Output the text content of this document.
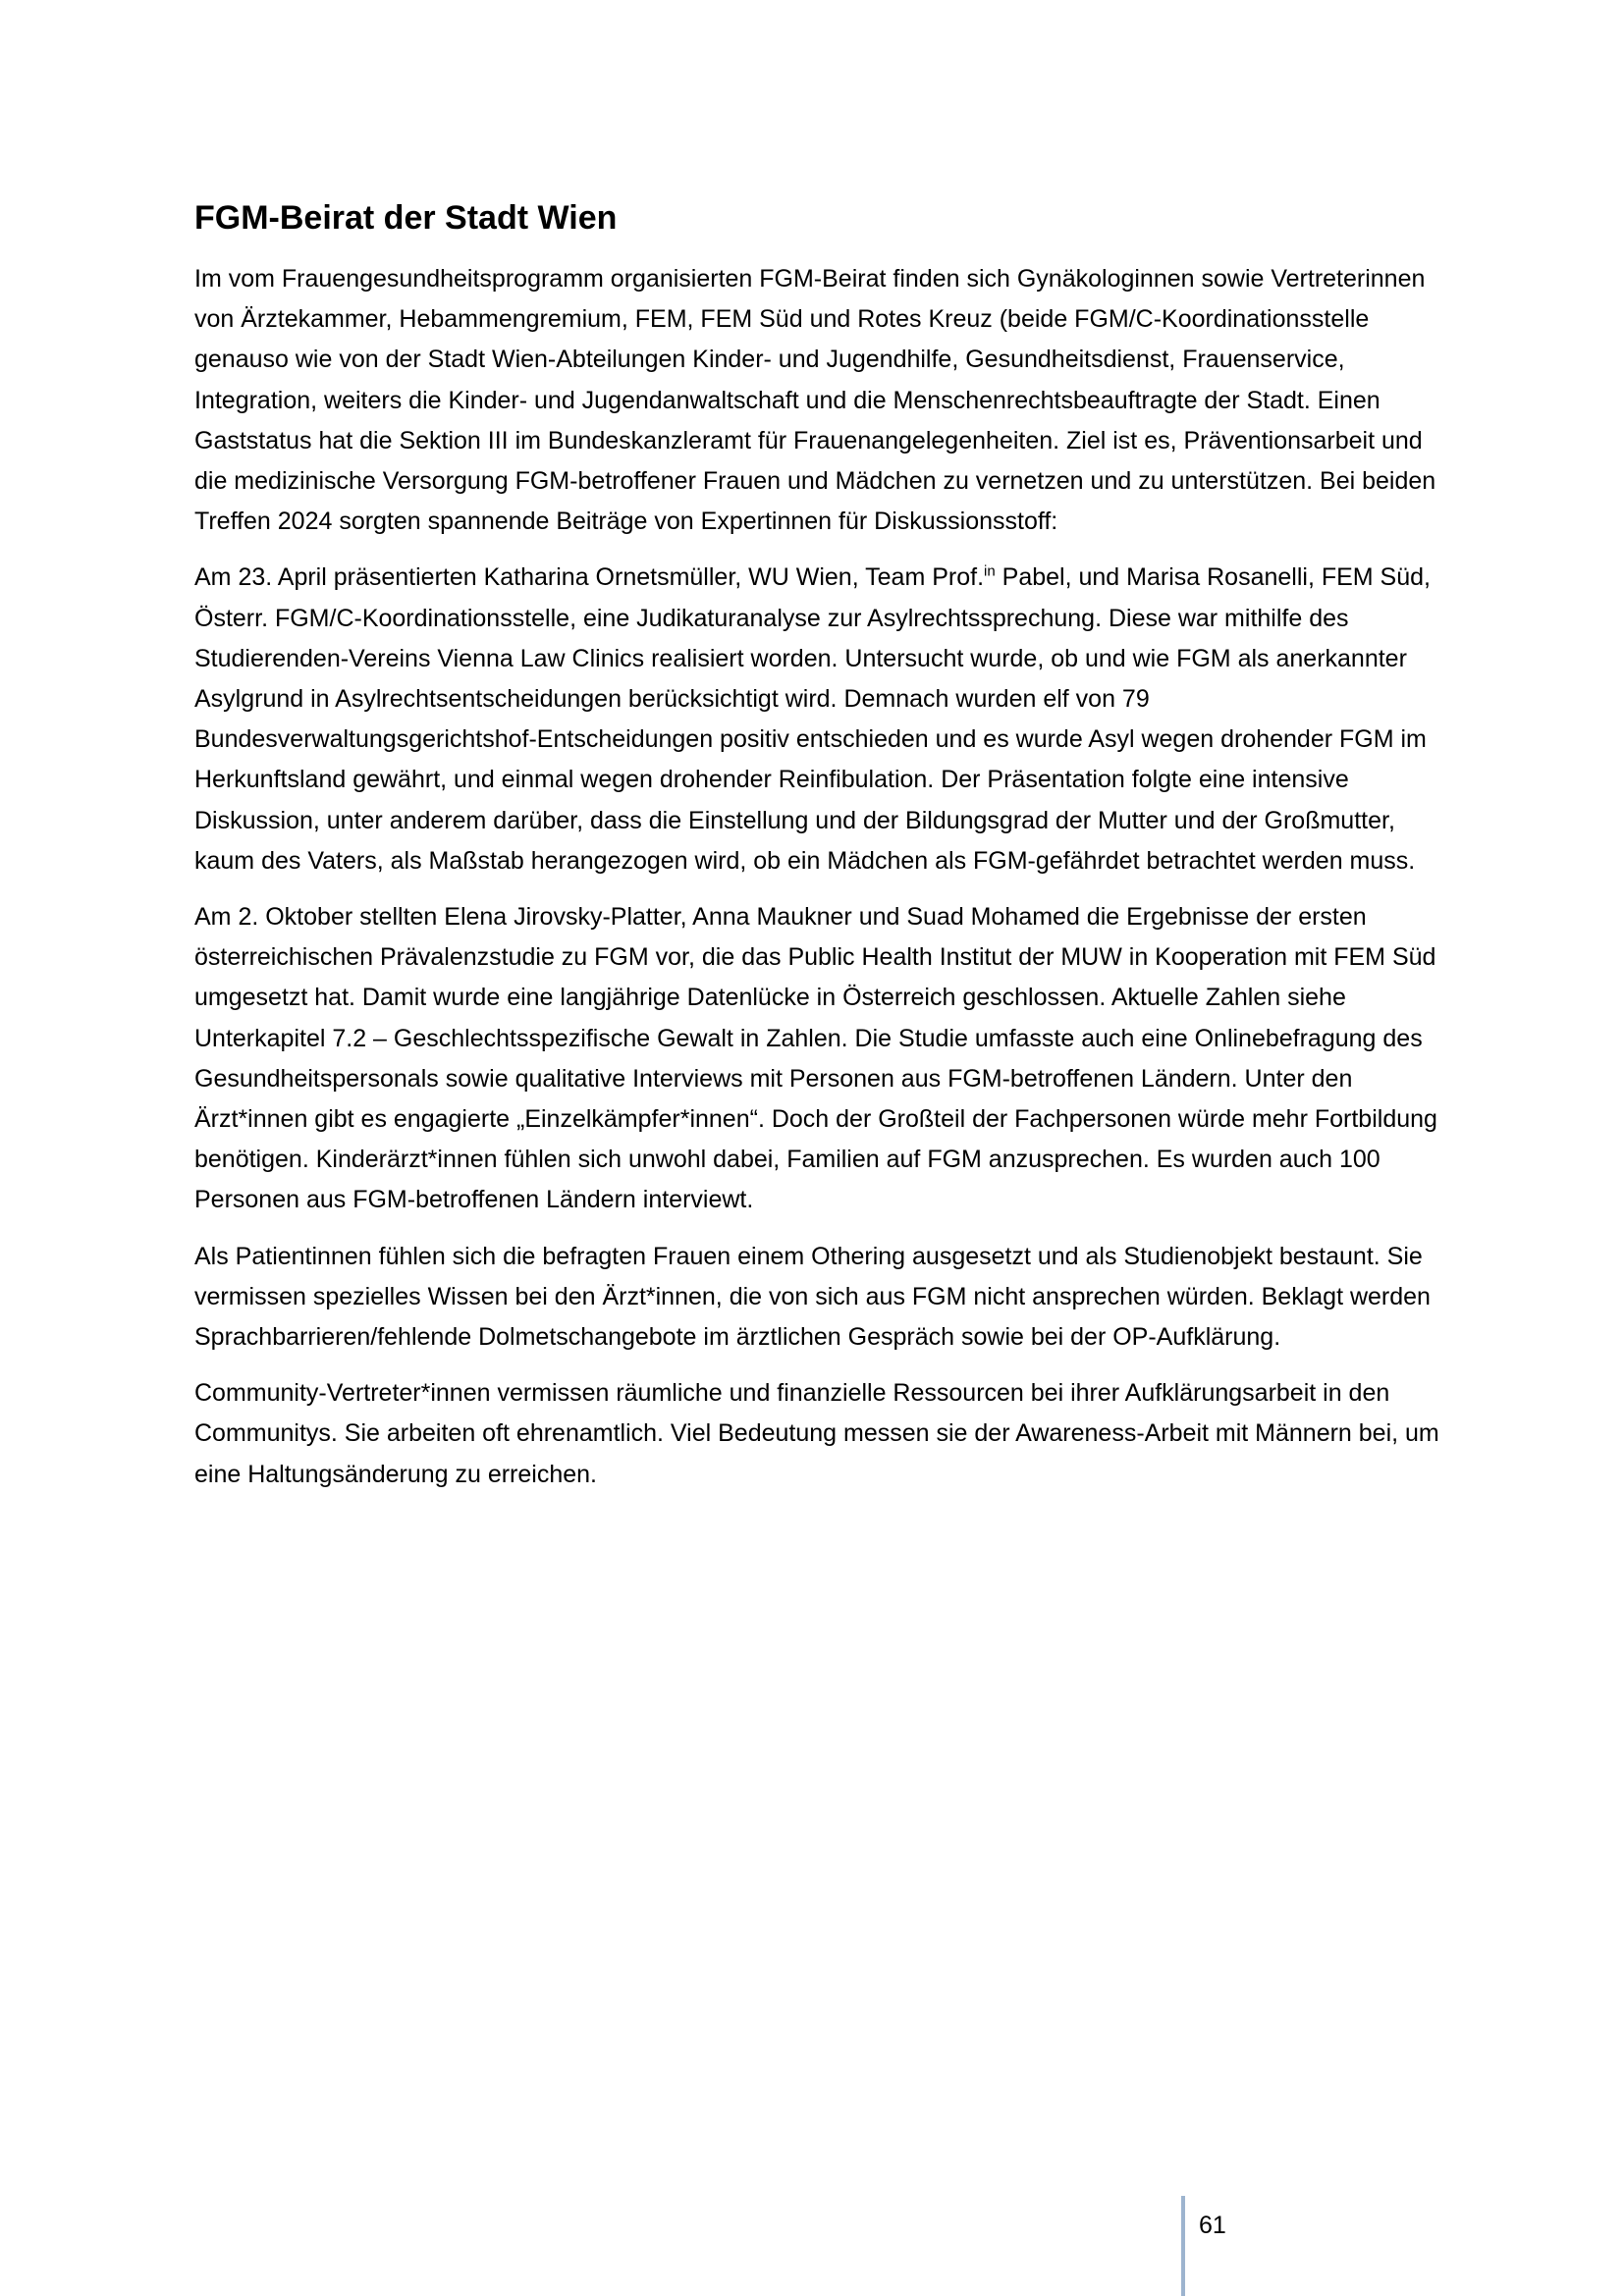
FGM-Beirat der Stadt Wien

Im vom Frauengesundheitsprogramm organisierten FGM-Beirat finden sich Gynäkologinnen sowie Vertreterinnen von Ärztekammer, Hebammengremium, FEM, FEM Süd und Rotes Kreuz (beide FGM/C-Koordinationsstelle genauso wie von der Stadt Wien-Abteilungen Kinder- und Jugendhilfe, Gesundheitsdienst, Frauenservice, Integration, weiters die Kinder- und Jugendanwaltschaft und die Menschenrechtsbeauftragte der Stadt. Einen Gaststatus hat die Sektion III im Bundeskanzleramt für Frauenangelegenheiten. Ziel ist es, Präventionsarbeit und die medizinische Versorgung FGM-betroffener Frauen und Mädchen zu vernetzen und zu unterstützen. Bei beiden Treffen 2024 sorgten spannende Beiträge von Expertinnen für Diskussionsstoff:

Am 23. April präsentierten Katharina Ornetsmüller, WU Wien, Team Prof.$^{in}$ Pabel, und Marisa Rosanelli, FEM Süd, Österr. FGM/C-Koordinationsstelle, eine Judikaturanalyse zur Asylrechtssprechung. Diese war mithilfe des Studierenden-Vereins Vienna Law Clinics realisiert worden. Untersucht wurde, ob und wie FGM als anerkannter Asylgrund in Asylrechtsentscheidungen berücksichtigt wird. Demnach wurden elf von 79 Bundesverwaltungsgerichtshof-Entscheidungen positiv entschieden und es wurde Asyl wegen drohender FGM im Herkunftsland gewährt, und einmal wegen drohender Reinfibulation. Der Präsentation folgte eine intensive Diskussion, unter anderem darüber, dass die Einstellung und der Bildungsgrad der Mutter und der Großmutter, kaum des Vaters, als Maßstab herangezogen wird, ob ein Mädchen als FGM-gefährdet betrachtet werden muss.

Am 2. Oktober stellten Elena Jirovsky-Platter, Anna Maukner und Suad Mohamed die Ergebnisse der ersten österreichischen Prävalenzstudie zu FGM vor, die das Public Health Institut der MUW in Kooperation mit FEM Süd umgesetzt hat. Damit wurde eine langjährige Datenlücke in Österreich geschlossen. Aktuelle Zahlen siehe Unterkapitel 7.2 – Geschlechtsspezifische Gewalt in Zahlen. Die Studie umfasste auch eine Onlinebefragung des Gesundheitspersonals sowie qualitative Interviews mit Personen aus FGM-betroffenen Ländern. Unter den Ärzt*innen gibt es engagierte „Einzelkämpfer*innen“. Doch der Großteil der Fachpersonen würde mehr Fortbildung benötigen. Kinderärzt*innen fühlen sich unwohl dabei, Familien auf FGM anzusprechen. Es wurden auch 100 Personen aus FGM-betroffenen Ländern interviewt.

Als Patientinnen fühlen sich die befragten Frauen einem Othering ausgesetzt und als Studienobjekt bestaunt. Sie vermissen spezielles Wissen bei den Ärzt*innen, die von sich aus FGM nicht ansprechen würden. Beklagt werden Sprachbarrieren/fehlende Dolmetschangebote im ärztlichen Gespräch sowie bei der OP-Aufklärung.

Community-Vertreter*innen vermissen räumliche und finanzielle Ressourcen bei ihrer Aufklärungsarbeit in den Communitys. Sie arbeiten oft ehrenamtlich. Viel Bedeutung messen sie der Awareness-Arbeit mit Männern bei, um eine Haltungsänderung zu erreichen.

61
